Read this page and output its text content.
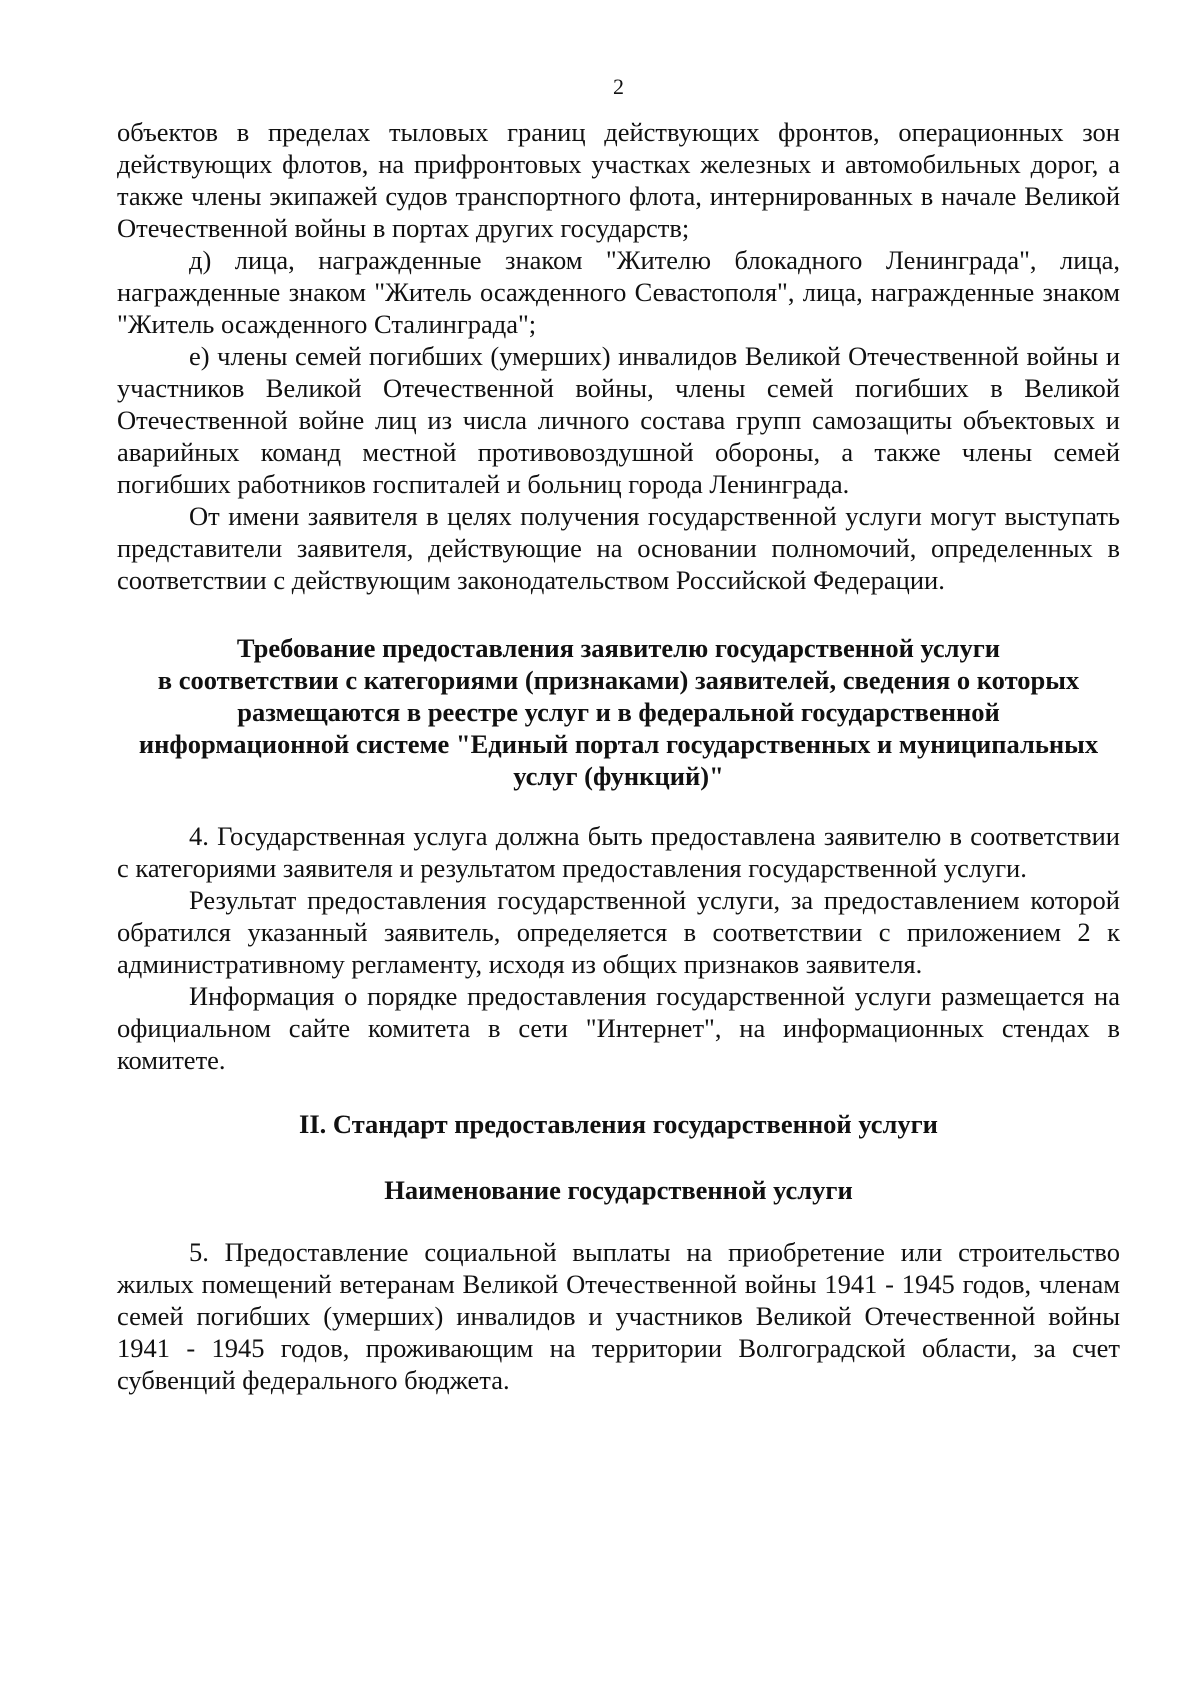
2

объектов в пределах тыловых границ действующих фронтов, операционных зон действующих флотов, на прифронтовых участках железных и автомобильных дорог, а также члены экипажей судов транспортного флота, интернированных в начале Великой Отечественной войны в портах других государств;

д) лица, награжденные знаком "Жителю блокадного Ленинграда", лица, награжденные знаком "Житель осажденного Севастополя", лица, награжденные знаком "Житель осажденного Сталинграда";

е) члены семей погибших (умерших) инвалидов Великой Отечественной войны и участников Великой Отечественной войны, члены семей погибших в Великой Отечественной войне лиц из числа личного состава групп самозащиты объектовых и аварийных команд местной противовоздушной обороны, а также члены семей погибших работников госпиталей и больниц города Ленинграда.

От имени заявителя в целях получения государственной услуги могут выступать представители заявителя, действующие на основании полномочий, определенных в соответствии с действующим законодательством Российской Федерации.

Требование предоставления заявителю государственной услуги
в соответствии с категориями (признаками) заявителей, сведения о которых
размещаются в реестре услуг и в федеральной государственной
информационной системе "Единый портал государственных и муниципальных
услуг (функций)"

4. Государственная услуга должна быть предоставлена заявителю в соответствии с категориями заявителя и результатом предоставления государственной услуги.

Результат предоставления государственной услуги, за предоставлением которой обратился указанный заявитель, определяется в соответствии с приложением 2 к административному регламенту, исходя из общих признаков заявителя.

Информация о порядке предоставления государственной услуги размещается на официальном сайте комитета в сети "Интернет", на информационных стендах в комитете.

II. Стандарт предоставления государственной услуги
Наименование государственной услуги

5. Предоставление социальной выплаты на приобретение или строительство жилых помещений ветеранам Великой Отечественной войны 1941 - 1945 годов, членам семей погибших (умерших) инвалидов и участников Великой Отечественной войны 1941 - 1945 годов, проживающим на территории Волгоградской области, за счет субвенций федерального бюджета.
